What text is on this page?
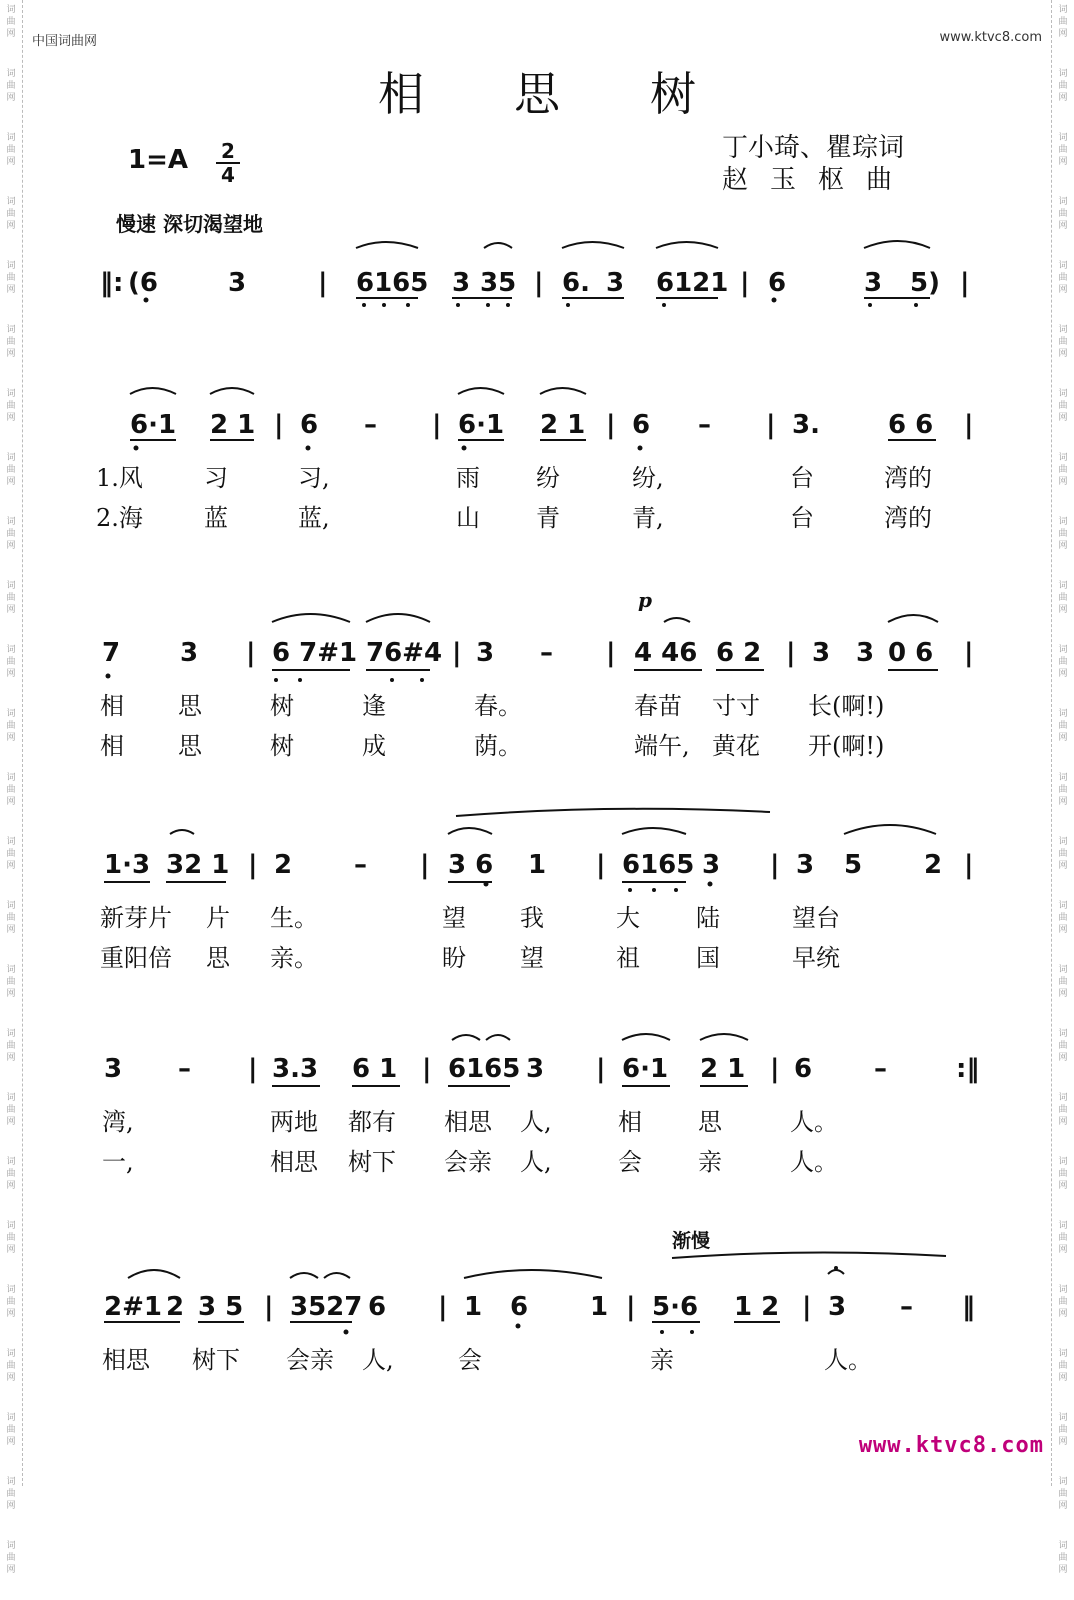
词
曲
网
词
曲
网
词
曲
网
词
曲
网
词
曲
网
词
曲
网
词
曲
网
词
曲
网
词
曲
网
词
曲
网
词
曲
网
词
曲
网
词
曲
网
词
曲
网
词
曲
网
词
曲
网
词
曲
网
词
曲
网
词
曲
网
词
曲
网
词
曲
网
词
曲
网
词
曲
网
词
曲
网
词
曲
网
词
曲
网
词
曲
网
词
曲
网
词
曲
网
词
曲
网
词
曲
网
词
曲
网
词
曲
网
词
曲
网
词
曲
网
词
曲
网
词
曲
网
词
曲
网
词
曲
网
词
曲
网
词
曲
网
词
曲
网
词
曲
网
词
曲
网
词
曲
网
词
曲
网
词
曲
网
词
曲
网
词
曲
网
词
曲
网
中国词曲网	www.ktvc8.com
相思树
1=A 2
4
丁小琦、瞿琮词
赵玉枢曲
慢速 深切渴望地
p
渐慢
‖: (6	3	| 6165 3 35 | 6. 3 6121 | 6	3 5) |
6·1 2 1 | 6 – | 6·1 2 1 | 6 – | 3.	6 6 |
1.风	习	习,	雨 纷	纷,	台	湾的
2.海	蓝	蓝,	山 青	青,	台	湾的
7 3 | 6 7#1 76#4 | 3 – | 4 46 6 2 | 3 3 0 6 |
相 思	树	逢	春。	春苗 寸寸 长(啊!)
相 思	树	成	荫。	端午, 黄花 开(啊!)
1·3 32 1 | 2 – | 3 6 1 | 6165 3 | 3 5 2 |
新芽片 片 生。	望 我	大 陆	望台
重阳倍 思 亲。	盼 望	祖 国	早统
3 – | 3.3 6 1 | 6165 3 | 6·1 2 1 | 6 –	:‖
湾,	两地 都有 相思 人,	相 思	人。
一,	相思 树下 会亲 人,	会 亲	人。
2#1 2 3 5 | 3527 6 | 1 6 1 | 5·6 1 2 | 3 – ‖
相思 树下 会亲 人,	会	亲	人。
www.ktvc8.com
